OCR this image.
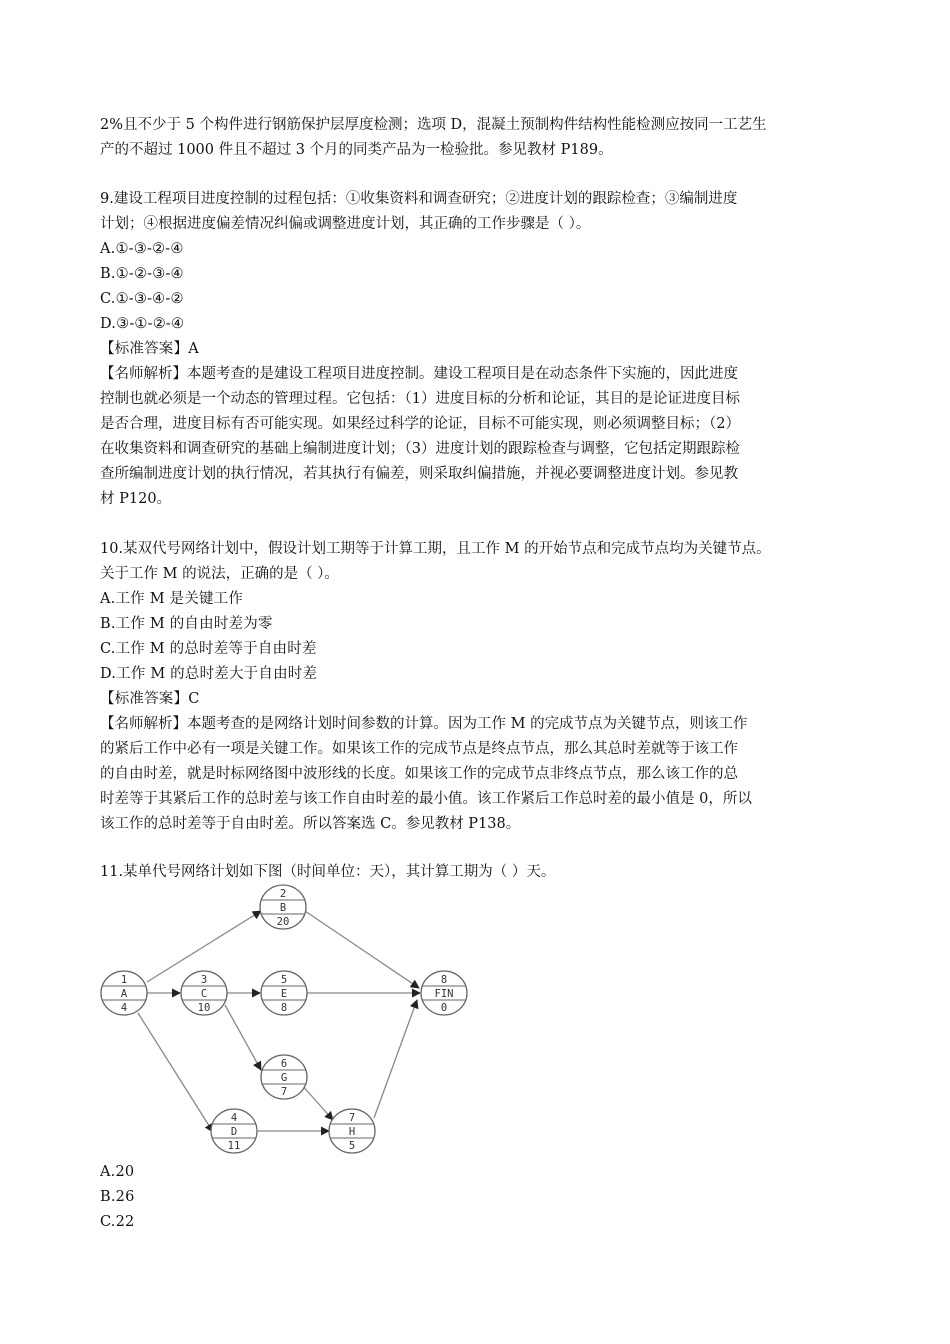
2%且不少于 5 个构件进行钢筋保护层厚度检测；选项 D，混凝土预制构件结构性能检测应按同一工艺生
产的不超过 1000 件且不超过 3 个月的同类产品为一检验批。参见教材 P189。
9.建设工程项目进度控制的过程包括：①收集资料和调查研究；②进度计划的跟踪检查；③编制进度
计划；④根据进度偏差情况纠偏或调整进度计划，其正确的工作步骤是（ ）。
A.①-③-②-④
B.①-②-③-④
C.①-③-④-②
D.③-①-②-④
【标准答案】A
【名师解析】本题考查的是建设工程项目进度控制。建设工程项目是在动态条件下实施的，因此进度
控制也就必须是一个动态的管理过程。它包括：（1）进度目标的分析和论证，其目的是论证进度目标
是否合理，进度目标有否可能实现。如果经过科学的论证，目标不可能实现，则必须调整目标；（2）
在收集资料和调查研究的基础上编制进度计划；（3）进度计划的跟踪检查与调整，它包括定期跟踪检
查所编制进度计划的执行情况，若其执行有偏差，则采取纠偏措施，并视必要调整进度计划。参见教
材 P120。
10.某双代号网络计划中，假设计划工期等于计算工期，且工作 M 的开始节点和完成节点均为关键节点。
关于工作 M 的说法，正确的是（ ）。
A.工作 M 是关键工作
B.工作 M 的自由时差为零
C.工作 M 的总时差等于自由时差
D.工作 M 的总时差大于自由时差
【标准答案】C
【名师解析】本题考查的是网络计划时间参数的计算。因为工作 M 的完成节点为关键节点，则该工作
的紧后工作中必有一项是关键工作。如果该工作的完成节点是终点节点，那么其总时差就等于该工作
的自由时差，就是时标网络图中波形线的长度。如果该工作的完成节点非终点节点，那么该工作的总
时差等于其紧后工作的总时差与该工作自由时差的最小值。该工作紧后工作总时差的最小值是 0，所以
该工作的总时差等于自由时差。所以答案选 C。参见教材 P138。
11.某单代号网络计划如下图（时间单位：天），其计算工期为（ ）天。
1
A
4
2
B
20
3
C
10
5
E
8
8
FIN
0
6
G
7
4
D
11
7
H
5
A.20
B.26
C.22
